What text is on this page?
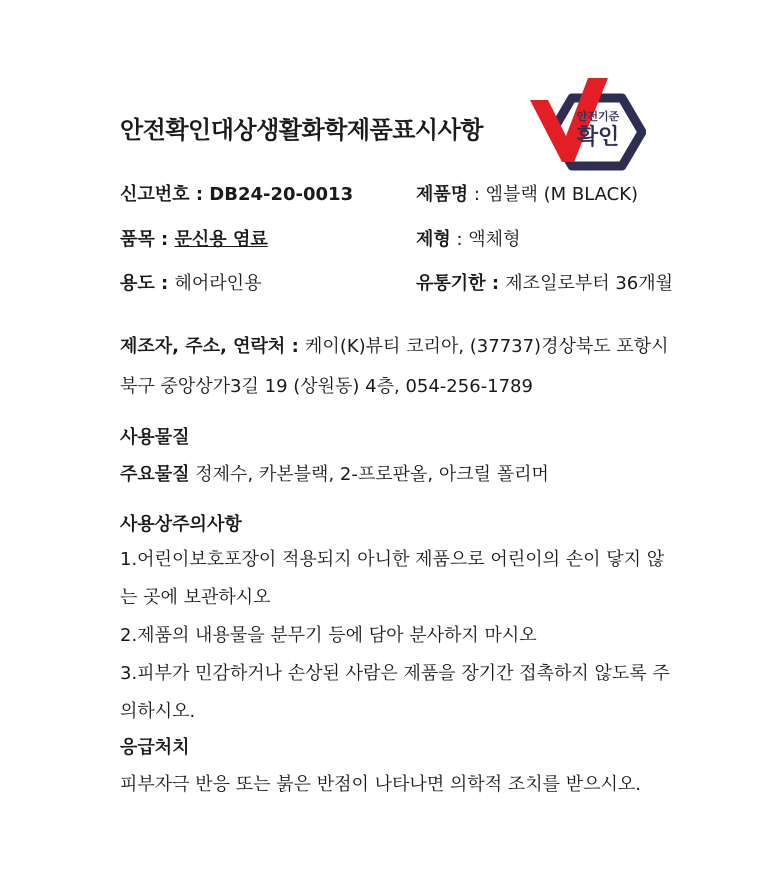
안전확인대상생활화학제품표시사항	안전기준
확인
신고번호 : DB24-20-0013	제품명 : 엠블랙 (M BLACK)
품목 : 문신용 염료	제형 : 액체형
용도 : 헤어라인용	유통기한 : 제조일로부터 36개월
제조자, 주소, 연락처 : 케이(K)뷰티 코리아, (37737)경상북도 포항시
북구 중앙상가3길 19 (상원동) 4층, 054-256-1789
사용물질
주요물질 정제수, 카본블랙, 2-프로판올, 아크릴 폴리머
사용상주의사항
1.어린이보호포장이 적용되지 아니한 제품으로 어린이의 손이 닿지 않
는 곳에 보관하시오
2.제품의 내용물을 분무기 등에 담아 분사하지 마시오
3.피부가 민감하거나 손상된 사람은 제품을 장기간 접촉하지 않도록 주
의하시오.
응급처치
피부자극 반응 또는 붉은 반점이 나타나면 의학적 조치를 받으시오.
